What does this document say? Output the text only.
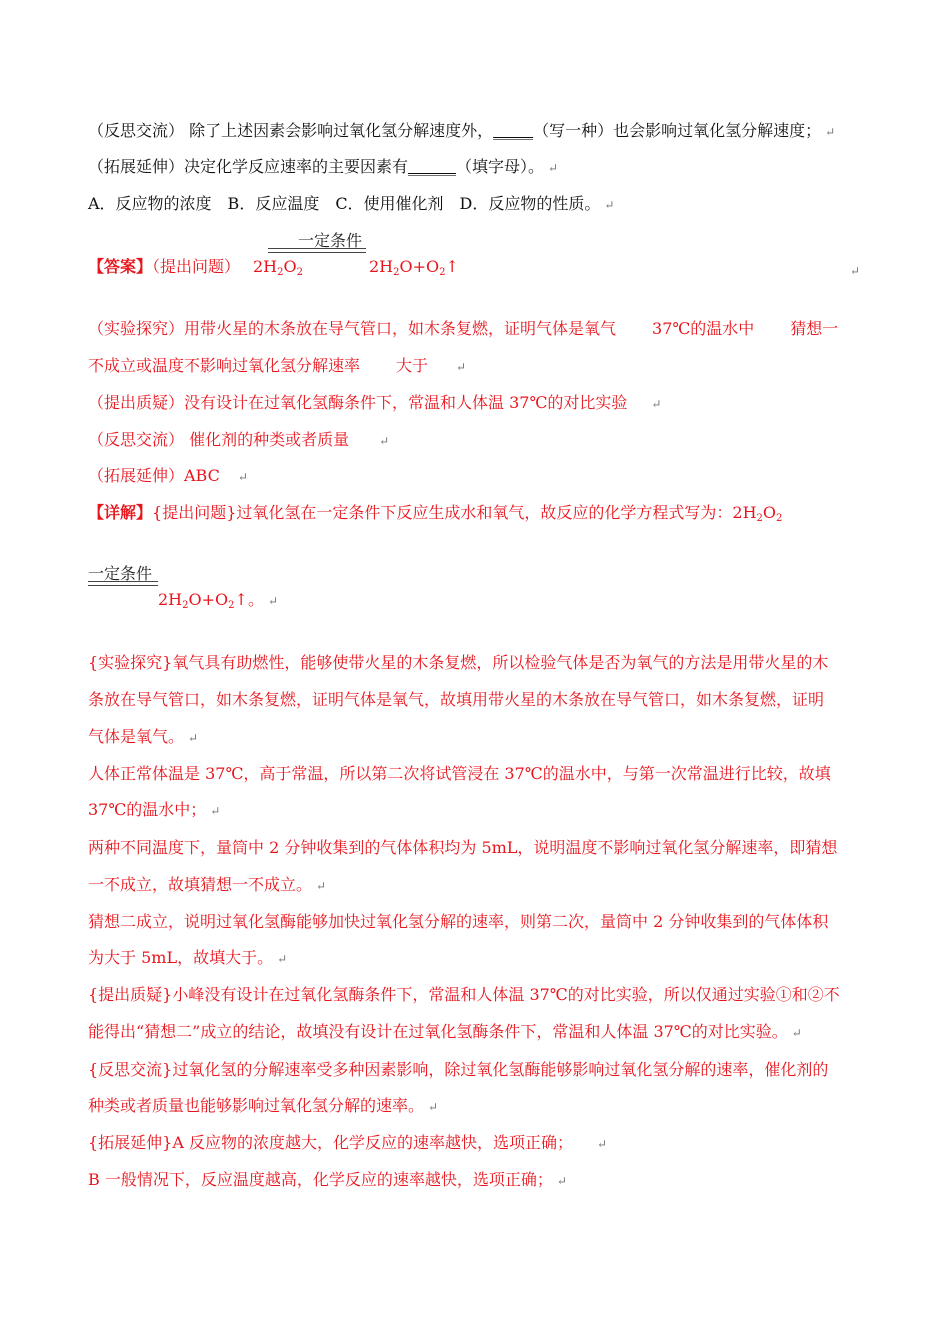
（反思交流） 除了上述因素会影响过氧化氢分解速度外，_____（写一种）也会影响过氧化氢分解速度； ↵
（拓展延伸）决定化学反应速率的主要因素有______（填字母）。 ↵
A．反应物的浓度　B．反应温度　C．使用催化剂　D．反应物的性质。 ↵
一定条件
【答案】（提出问题） $2H_2O_2$	$2H_2O+O_2↑$	↵
（实验探究）用带火星的木条放在导气管口，如木条复燃，证明气体是氧气 37℃的温水中 猜想一
不成立或温度不影响过氧化氢分解速率 大于 ↵
（提出质疑）没有设计在过氧化氢酶条件下，常温和人体温 37℃的对比实验 ↵
（反思交流） 催化剂的种类或者质量	↵
（拓展延伸）ABC ↵
【详解】{提出问题}过氧化氢在一定条件下反应生成水和氧气，故反应的化学方程式写为：$2H_2O_2$
一定条件
$2H_2O+O_2↑$。 ↵
{实验探究}氧气具有助燃性，能够使带火星的木条复燃，所以检验气体是否为氧气的方法是用带火星的木
条放在导气管口，如木条复燃，证明气体是氧气，故填用带火星的木条放在导气管口，如木条复燃，证明
气体是氧气。 ↵
人体正常体温是 37℃，高于常温，所以第二次将试管浸在 37℃的温水中，与第一次常温进行比较，故填
37℃的温水中； ↵
两种不同温度下，量筒中 2 分钟收集到的气体体积均为 5mL，说明温度不影响过氧化氢分解速率，即猜想
一不成立，故填猜想一不成立。 ↵
猜想二成立，说明过氧化氢酶能够加快过氧化氢分解的速率，则第二次，量筒中 2 分钟收集到的气体体积
为大于 5mL，故填大于。 ↵
{提出质疑}小峰没有设计在过氧化氢酶条件下，常温和人体温 37℃的对比实验，所以仅通过实验①和②不
能得出“猜想二”成立的结论，故填没有设计在过氧化氢酶条件下，常温和人体温 37℃的对比实验。 ↵
{反思交流}过氧化氢的分解速率受多种因素影响，除过氧化氢酶能够影响过氧化氢分解的速率，催化剂的
种类或者质量也能够影响过氧化氢分解的速率。 ↵
{拓展延伸}A 反应物的浓度越大，化学反应的速率越快，选项正确； ↵
B 一般情况下，反应温度越高，化学反应的速率越快，选项正确； ↵
